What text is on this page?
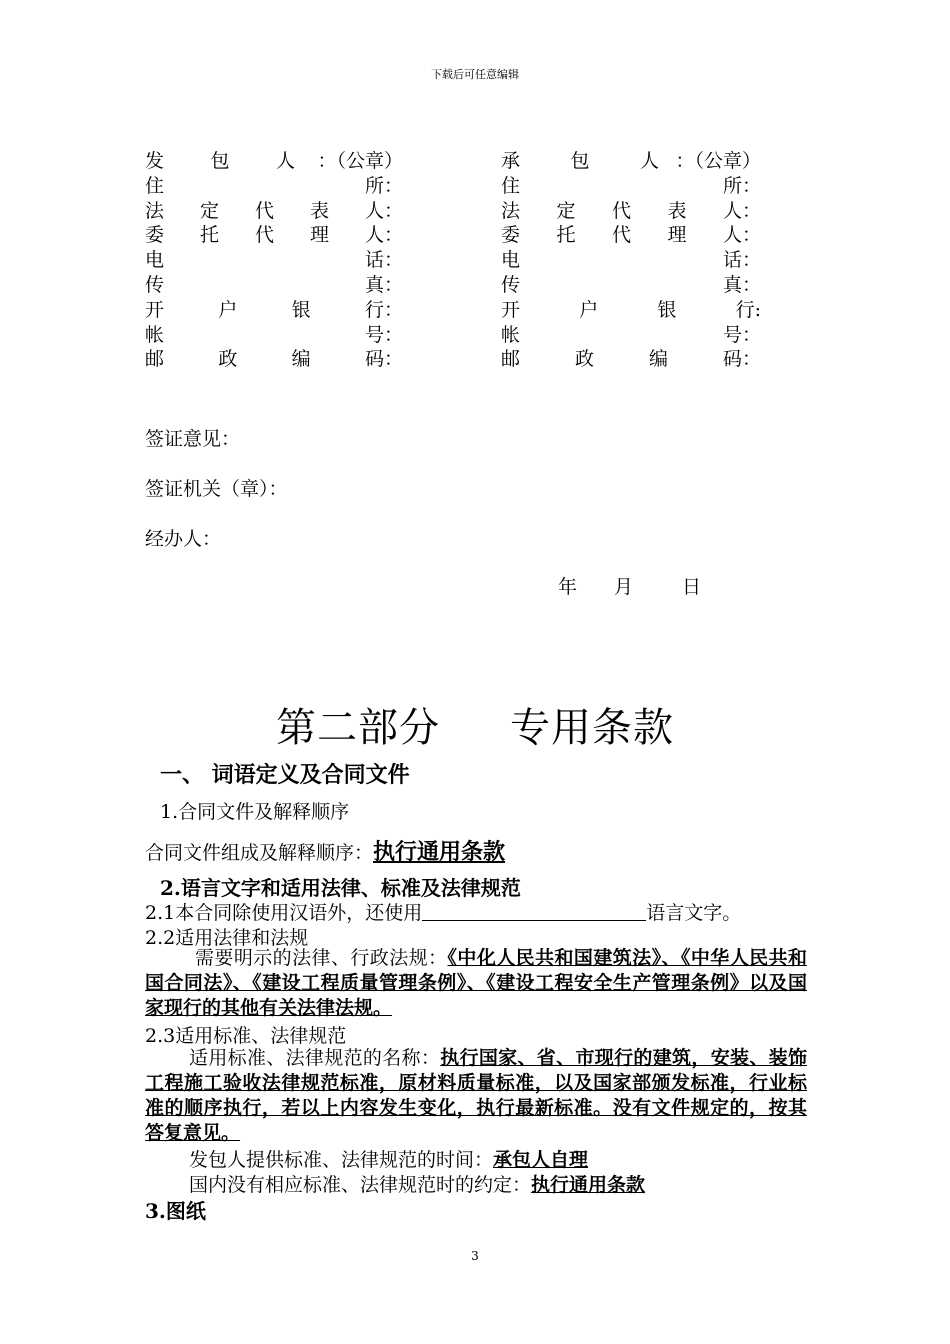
下载后可任意编辑
发 包 人 ：（公章）
住	所 ：
法 定 代 表 人 ：
委 托 代 理 人 ：
电	话 ：
传	真 ：
开	户	银	行 ：
帐	号 ：
邮	政	编	码 ：
承	包	人 ：（公章）
住	所 ：
法 定 代 表 人 ：
委 托 代 理 人 ：
电	话 ：
传	真 ：
开	户	银	行 :
帐	号 ：
邮	政	编	码 ：
签证意见：
签证机关（章）：
经办人：
年 月	日
第二部分 专用条款
一、 词语定义及合同文件
1.合同文件及解释顺序
合同文件组成及解释顺序：执行通用条款
2.语言文字和适用法律、标准及法律规范
2.1本合同除使用汉语外，还使用	语言文字。
2.2适用法律和法规
需要明示的法律、行政法规：《中化人民共和国建筑法》、《中华人民共和国合同法》、《建设工程质量管理条例》、《建设工程安全生产管理条例》以及国家现行的其他有关法律法规。
2.3适用标准、法律规范
适用标准、法律规范的名称：执行国家、省、市现行的建筑，安装、装饰工程施工验收法律规范标准，原材料质量标准，以及国家部颁发标准，行业标准的顺序执行，若以上内容发生变化，执行最新标准。没有文件规定的，按其答复意见。
发包人提供标准、法律规范的时间：承包人自理
国内没有相应标准、法律规范时的约定：执行通用条款
3.图纸
3
